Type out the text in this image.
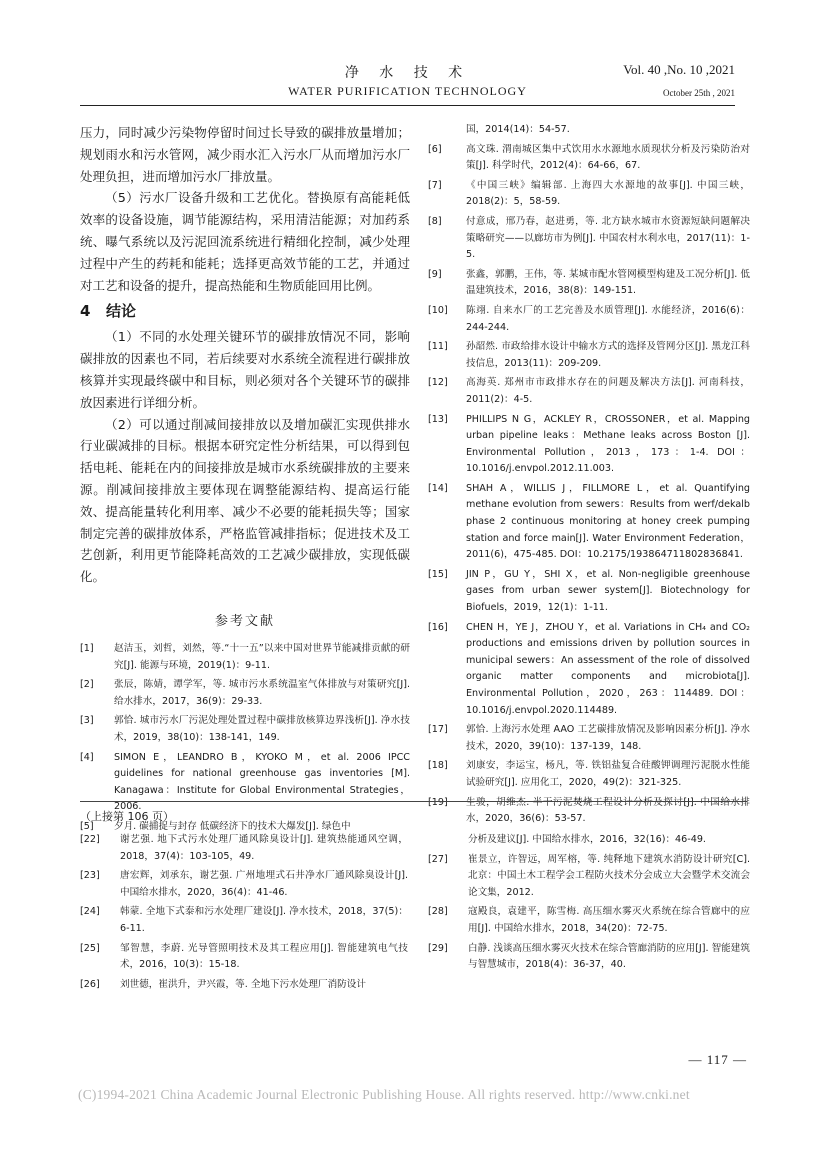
净 水 技 术
WATER PURIFICATION TECHNOLOGY
Vol. 40 ,No. 10 ,2021
October 25th , 2021

压力，同时减少污染物停留时间过长导致的碳排放量增加；规划雨水和污水管网，减少雨水汇入污水厂从而增加污水厂处理负担，进而增加污水厂排放量。

（5）污水厂设备升级和工艺优化。替换原有高能耗低效率的设备设施，调节能源结构，采用清洁能源；对加药系统、曝气系统以及污泥回流系统进行精细化控制，减少处理过程中产生的药耗和能耗；选择更高效节能的工艺，并通过对工艺和设备的提升，提高热能和生物质能回用比例。

4 结论

（1）不同的水处理关键环节的碳排放情况不同，影响碳排放的因素也不同，若后续要对水系统全流程进行碳排放核算并实现最终碳中和目标，则必须对各个关键环节的碳排放因素进行详细分析。

（2）可以通过削减间接排放以及增加碳汇实现供排水行业碳减排的目标。根据本研究定性分析结果，可以得到包括电耗、能耗在内的间接排放是城市水系统碳排放的主要来源。削减间接排放主要体现在调整能源结构、提高运行能效、提高能量转化利用率、减少不必要的能耗损失等；国家制定完善的碳排放体系，严格监管减排指标；促进技术及工艺创新，利用更节能降耗高效的工艺减少碳排放，实现低碳化。

参考文献
[1]	赵洁玉，刘哲，刘然，等.“十一五”以来中国对世界节能减排贡献的研究[J]. 能源与环境，2019(1)：9-11.
[2]	张辰，陈婧，谭学军，等. 城市污水系统温室气体排放与对策研究[J]. 给水排水，2017，36(9)：29-33.
[3]	郭恰. 城市污水厂污泥处理处置过程中碳排放核算边界浅析[J]. 净水技术，2019，38(10)：138-141，149.
[4]	SIMON E，LEANDRO B，KYOKO M，et al. 2006 IPCC guidelines for national greenhouse gas inventories [M]. Kanagawa：Institute for Global Environmental Strategies，2006.
[5]	夕月. 碳捕捉与封存 低碳经济下的技术大爆发[J]. 绿色中
国，2014(14)：54-57.
[6]	高文珠. 渭南城区集中式饮用水水源地水质现状分析及污染防治对策[J]. 科学时代，2012(4)：64-66，67.
[7]	《中国三峡》编辑部. 上海四大水源地的故事[J]. 中国三峡，2018(2)：5，58-59.
[8]	付意成，邢乃春，赵进勇，等. 北方缺水城市水资源短缺问题解决策略研究——以廊坊市为例[J]. 中国农村水利水电，2017(11)：1-5.
[9]	张鑫，郭鹏，王伟，等. 某城市配水管网模型构建及工况分析[J]. 低温建筑技术，2016，38(8)：149-151.
[10]	陈翊. 自来水厂的工艺完善及水质管理[J]. 水能经济，2016(6)：244-244.
[11]	孙韶然. 市政给排水设计中输水方式的选择及管网分区[J]. 黑龙江科技信息，2013(11)：209-209.
[12]	高海英. 郑州市市政排水存在的问题及解决方法[J]. 河南科技，2011(2)：4-5.
[13]	PHILLIPS N G，ACKLEY R，CROSSONER，et al. Mapping urban pipeline leaks：Methane leaks across Boston [J]. Environmental Pollution，2013，173：1-4. DOI：10.1016/j.envpol.2012.11.003.
[14]	SHAH A，WILLIS J，FILLMORE L，et al. Quantifying methane evolution from sewers：Results from werf/dekalb phase 2 continuous monitoring at honey creek pumping station and force main[J]. Water Environment Federation，2011(6)，475-485. DOI：10.2175/193864711802836841.
[15]	JIN P，GU Y，SHI X，et al. Non-negligible greenhouse gases from urban sewer system[J]. Biotechnology for Biofuels，2019，12(1)：1-11.
[16]	CHEN H，YE J，ZHOU Y，et al. Variations in CH₄ and CO₂ productions and emissions driven by pollution sources in municipal sewers：An assessment of the role of dissolved organic matter components and microbiota[J]. Environmental Pollution，2020，263：114489. DOI：10.1016/j.envpol.2020.114489.
[17]	郭恰. 上海污水处理 AAO 工艺碳排放情况及影响因素分析[J]. 净水技术，2020，39(10)：137-139，148.
[18]	刘康安，李运宝，杨凡，等. 铁铝盐复合硅酸钾调理污泥脱水性能试验研究[J]. 应用化工，2020，49(2)：321-325.
[19]	生骏，胡维杰. 半干污泥焚烧工程设计分析及探讨[J]. 中国给水排水，2020，36(6)：53-57.
（上接第 106 页）
[22]	谢艺强. 地下式污水处理厂通风除臭设计[J]. 建筑热能通风空调，2018，37(4)：103-105，49.
[23]	唐宏辉，刘承东，谢艺强. 广州地埋式石井净水厂通风除臭设计[J]. 中国给水排水，2020，36(4)：41-46.
[24]	韩蒙. 全地下式泰和污水处理厂建设[J]. 净水技术，2018，37(5)：6-11.
[25]	邹智慧，李蔚. 光导管照明技术及其工程应用[J]. 智能建筑电气技术，2016，10(3)：15-18.
[26]	刘世德，崔洪升，尹兴霞，等. 全地下污水处理厂消防设计
分析及建议[J]. 中国给水排水，2016，32(16)：46-49.
[27]	崔景立，许智远，周军榕，等. 纯释地下建筑水消防设计研究[C]. 北京：中国土木工程学会工程防火技术分会成立大会暨学术交流会论文集，2012.
[28]	寇殿良，袁建平，陈雪梅. 高压细水雾灭火系统在综合管廊中的应用[J]. 中国给水排水，2018，34(20)：72-75.
[29]	白静. 浅谈高压细水雾灭火技术在综合管廊消防的应用[J]. 智能建筑与智慧城市，2018(4)：36-37，40.
— 117 —
(C)1994-2021 China Academic Journal Electronic Publishing House. All rights reserved. http://www.cnki.net
